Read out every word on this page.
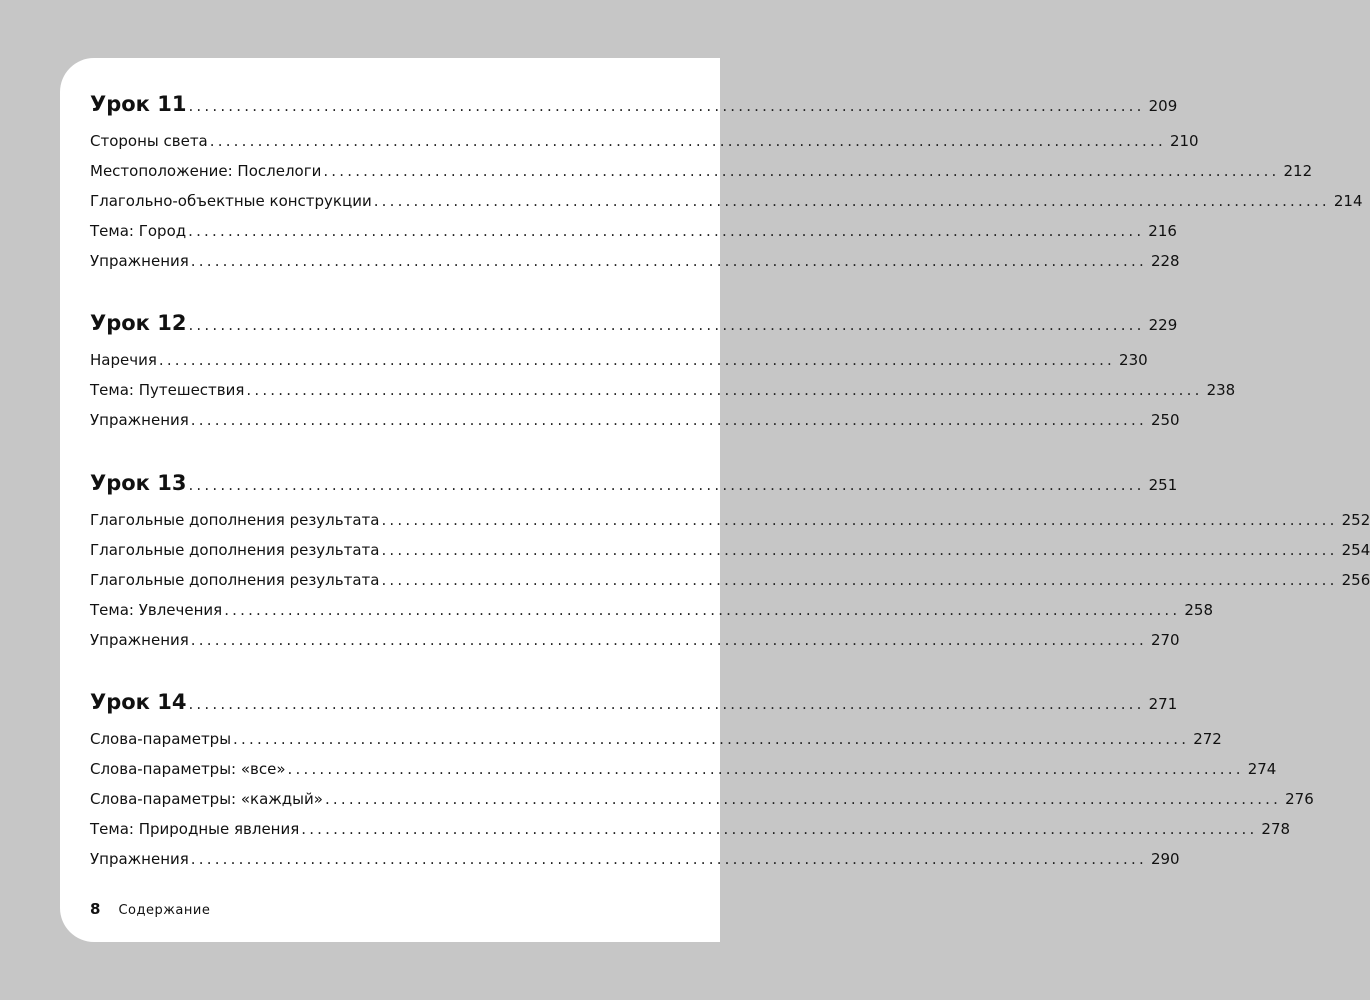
Урок 11 ........................................................................................................................ 209
Стороны света ........................................................................................................................ 210
Местоположение: Послелоги ........................................................................................................................ 212
Глагольно-объектные конструкции ........................................................................................................................ 214
Тема: Город ........................................................................................................................ 216
Упражнения ........................................................................................................................ 228
Урок 12 ........................................................................................................................ 229
Наречия ........................................................................................................................ 230
Тема: Путешествия ........................................................................................................................ 238
Упражнения ........................................................................................................................ 250
Урок 13 ........................................................................................................................ 251
Глагольные дополнения результата ........................................................................................................................ 252
Глагольные дополнения результата ........................................................................................................................ 254
Глагольные дополнения результата ........................................................................................................................ 256
Тема: Увлечения ........................................................................................................................ 258
Упражнения ........................................................................................................................ 270
Урок 14 ........................................................................................................................ 271
Слова-параметры ........................................................................................................................ 272
Слова-параметры: «все» ........................................................................................................................ 274
Слова-параметры: «каждый» ........................................................................................................................ 276
Тема: Природные явления ........................................................................................................................ 278
Упражнения ........................................................................................................................ 290
8 Содержание
